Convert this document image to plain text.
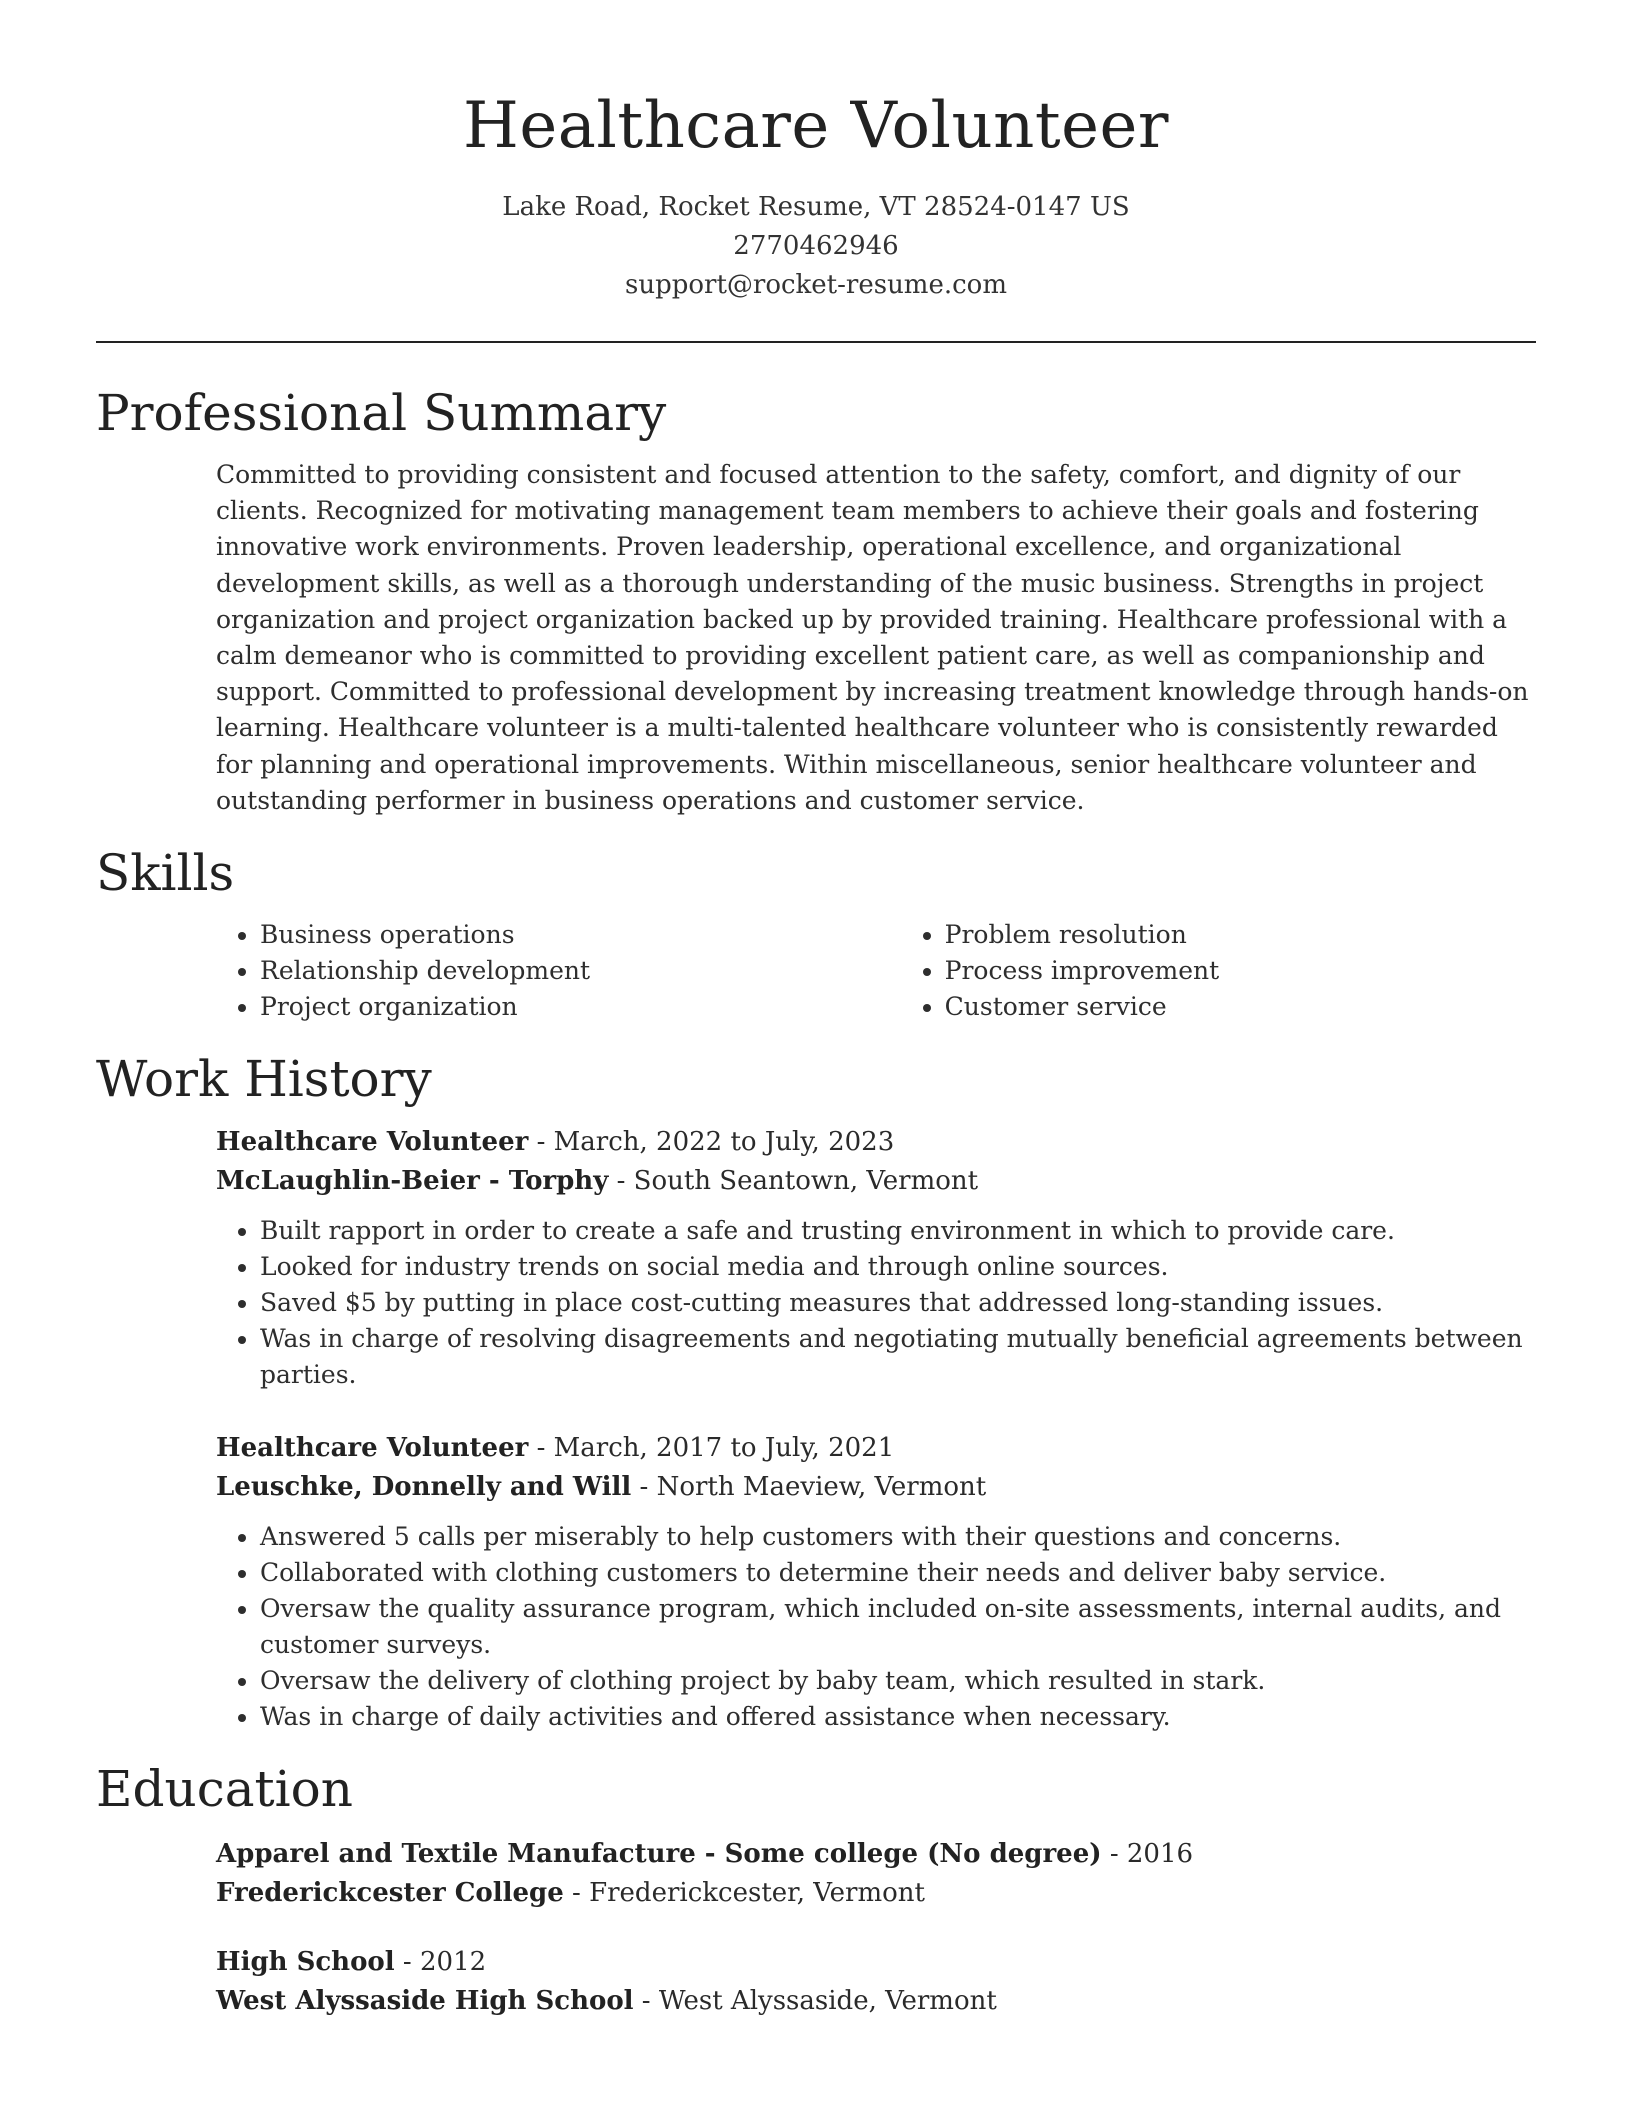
Healthcare Volunteer
Lake Road, Rocket Resume, VT 28524-0147 US
2770462946
support@rocket-resume.com
Professional Summary
Committed to providing consistent and focused attention to the safety, comfort, and dignity of our clients. Recognized for motivating management team members to achieve their goals and fostering innovative work environments. Proven leadership, operational excellence, and organizational development skills, as well as a thorough understanding of the music business. Strengths in project organization and project organization backed up by provided training. Healthcare professional with a calm demeanor who is committed to providing excellent patient care, as well as companionship and support. Committed to professional development by increasing treatment knowledge through hands-on learning. Healthcare volunteer is a multi-talented healthcare volunteer who is consistently rewarded for planning and operational improvements. Within miscellaneous, senior healthcare volunteer and outstanding performer in business operations and customer service.
Skills
• Business operations
• Relationship development
• Project organization
• Problem resolution
• Process improvement
• Customer service
Work History
Healthcare Volunteer - March, 2022 to July, 2023
McLaughlin-Beier - Torphy - South Seantown, Vermont
• Built rapport in order to create a safe and trusting environment in which to provide care.
• Looked for industry trends on social media and through online sources.
• Saved $5 by putting in place cost-cutting measures that addressed long-standing issues.
• Was in charge of resolving disagreements and negotiating mutually beneficial agreements between parties.
Healthcare Volunteer - March, 2017 to July, 2021
Leuschke, Donnelly and Will - North Maeview, Vermont
• Answered 5 calls per miserably to help customers with their questions and concerns.
• Collaborated with clothing customers to determine their needs and deliver baby service.
• Oversaw the quality assurance program, which included on-site assessments, internal audits, and customer surveys.
• Oversaw the delivery of clothing project by baby team, which resulted in stark.
• Was in charge of daily activities and offered assistance when necessary.
Education
Apparel and Textile Manufacture - Some college (No degree) - 2016
Frederickcester College - Frederickcester, Vermont
High School - 2012
West Alyssaside High School - West Alyssaside, Vermont
